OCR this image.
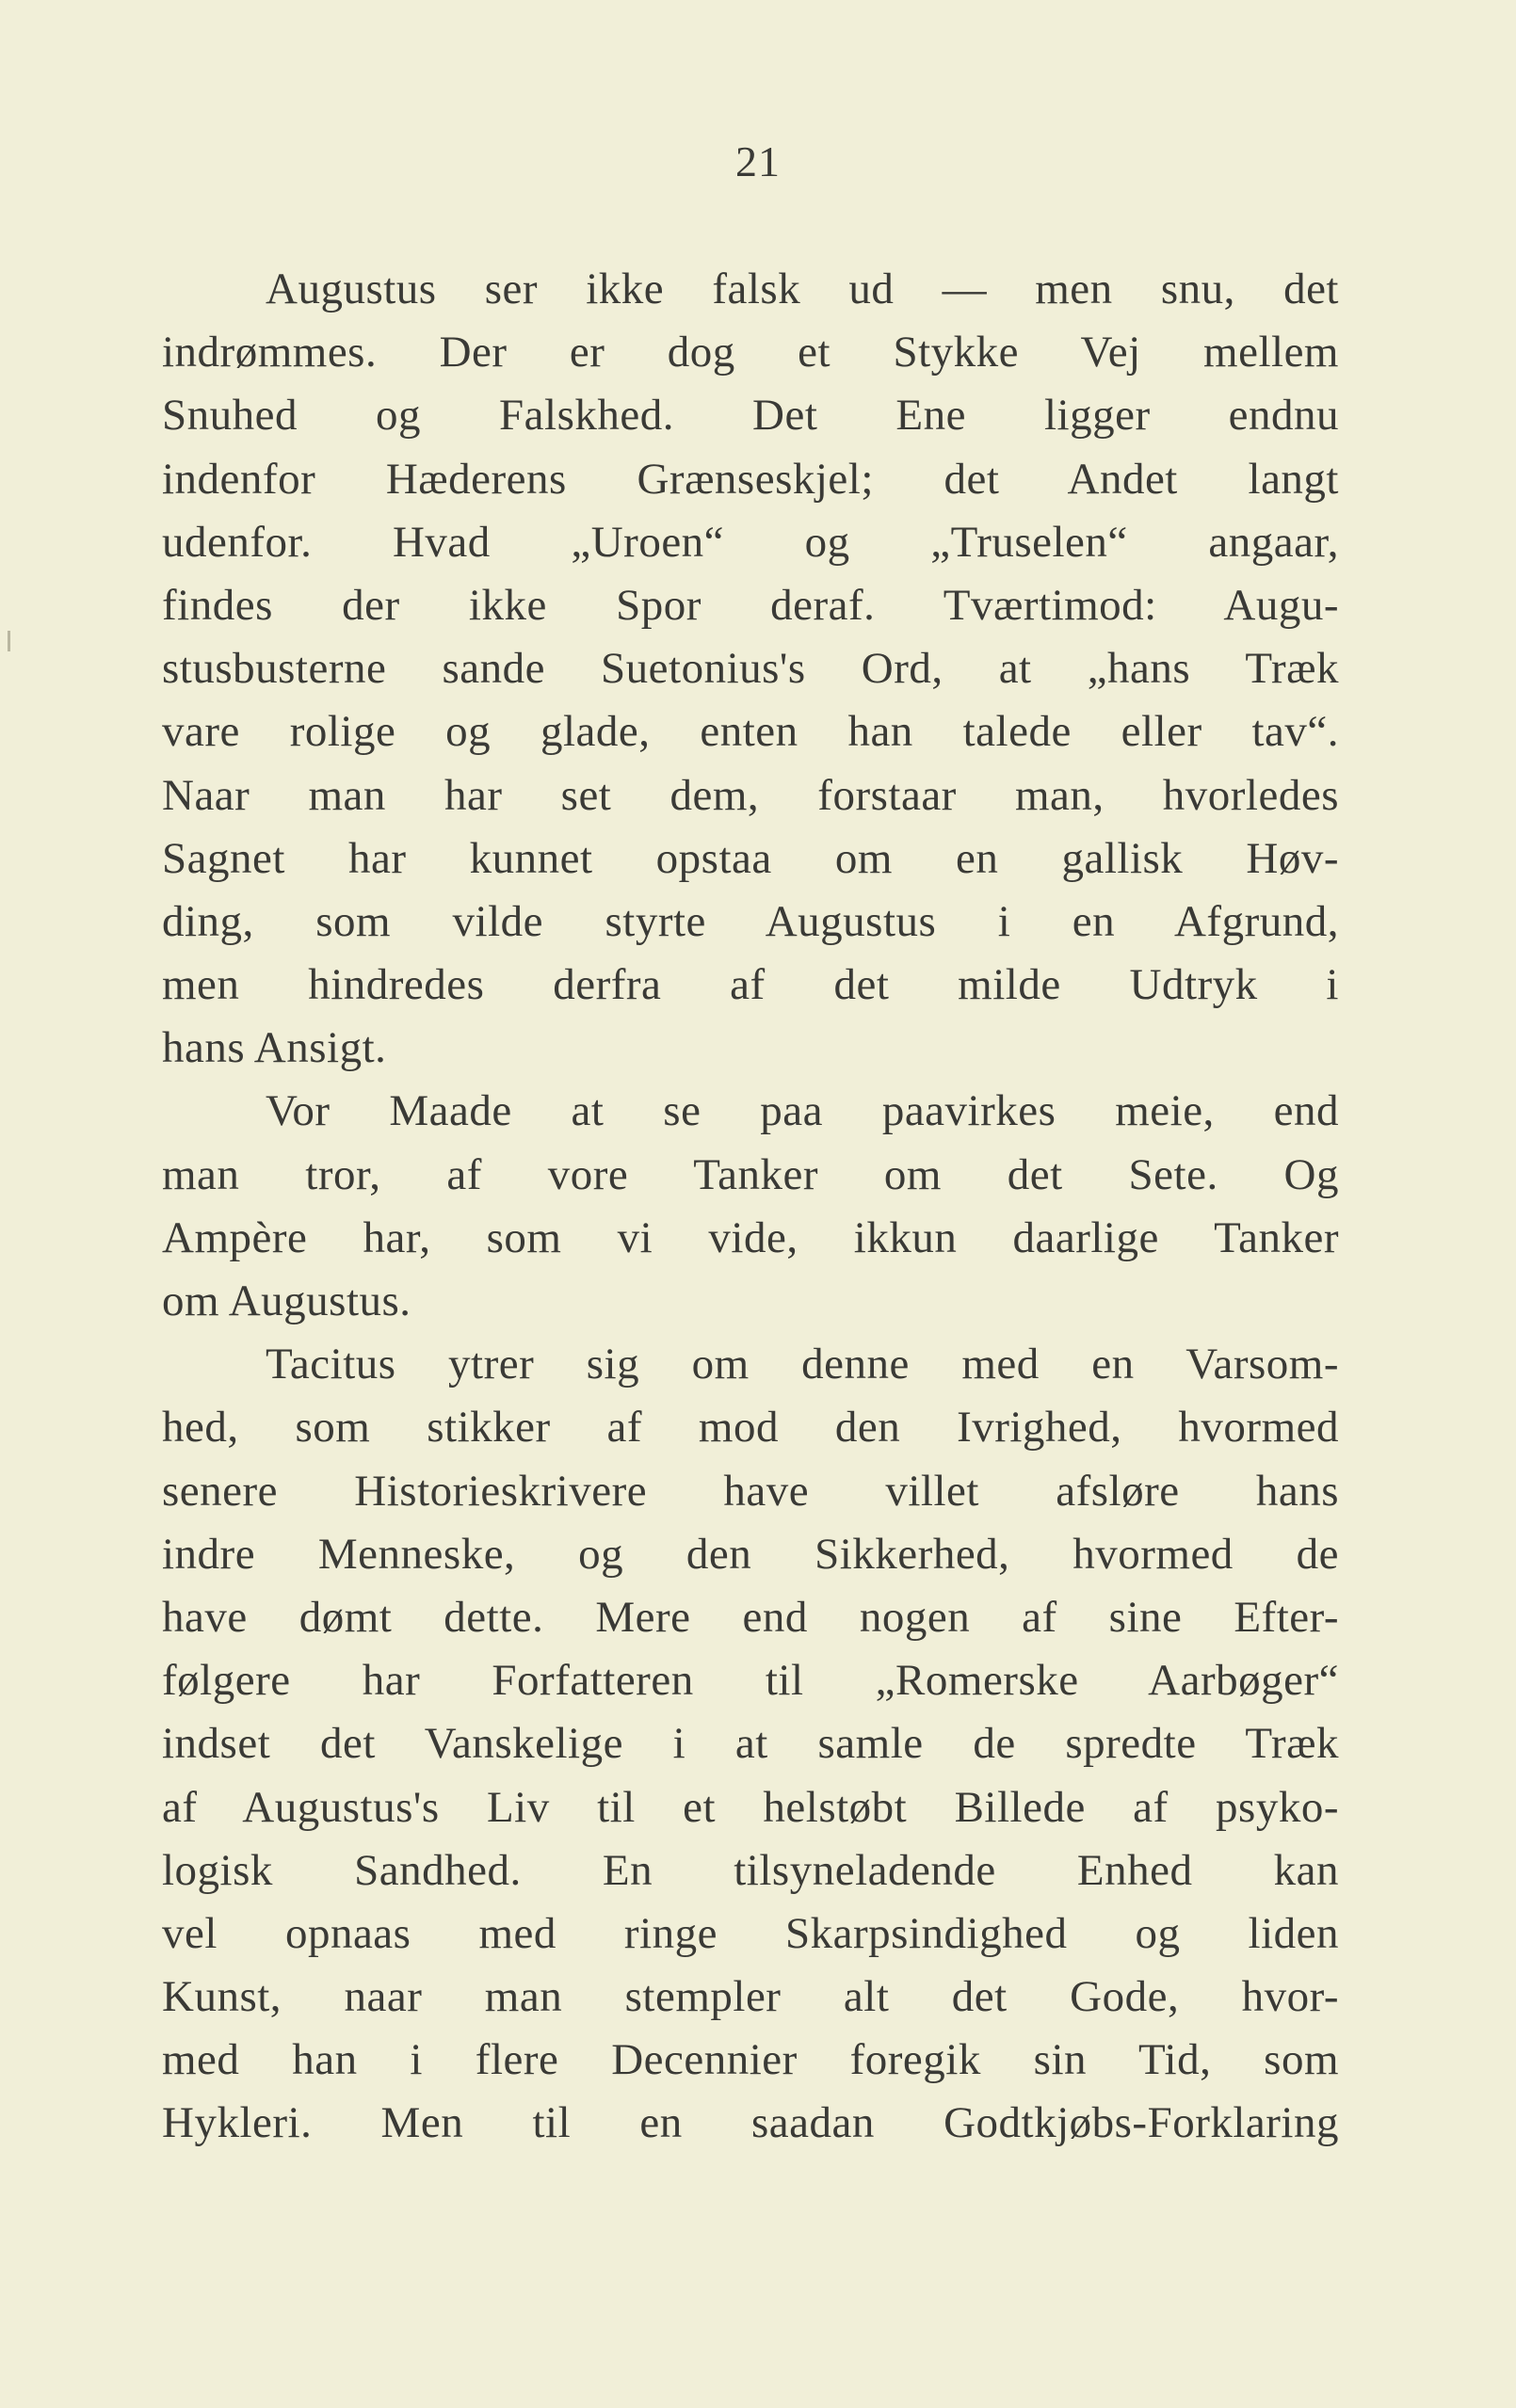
21
Augustus ser ikke falsk ud — men snu, det
indrømmes. Der er dog et Stykke Vej mellem
Snuhed og Falskhed. Det Ene ligger endnu
indenfor Hæderens Grænseskjel; det Andet langt
udenfor. Hvad „Uroen“ og „Truselen“ angaar,
findes der ikke Spor deraf. Tværtimod: Augu-
stusbusterne sande Suetonius's Ord, at „hans Træk
vare rolige og glade, enten han talede eller tav“.
Naar man har set dem, forstaar man, hvorledes
Sagnet har kunnet opstaa om en gallisk Høv-
ding, som vilde styrte Augustus i en Afgrund,
men hindredes derfra af det milde Udtryk i
hans Ansigt.
Vor Maade at se paa paavirkes meie, end
man tror, af vore Tanker om det Sete. Og
Ampère har, som vi vide, ikkun daarlige Tanker
om Augustus.
Tacitus ytrer sig om denne med en Varsom-
hed, som stikker af mod den Ivrighed, hvormed
senere Historieskrivere have villet afsløre hans
indre Menneske, og den Sikkerhed, hvormed de
have dømt dette. Mere end nogen af sine Efter-
følgere har Forfatteren til „Romerske Aarbøger“
indset det Vanskelige i at samle de spredte Træk
af Augustus's Liv til et helstøbt Billede af psyko-
logisk Sandhed. En tilsyneladende Enhed kan
vel opnaas med ringe Skarpsindighed og liden
Kunst, naar man stempler alt det Gode, hvor-
med han i flere Decennier foregik sin Tid, som
Hykleri. Men til en saadan Godtkjøbs-Forklaring
